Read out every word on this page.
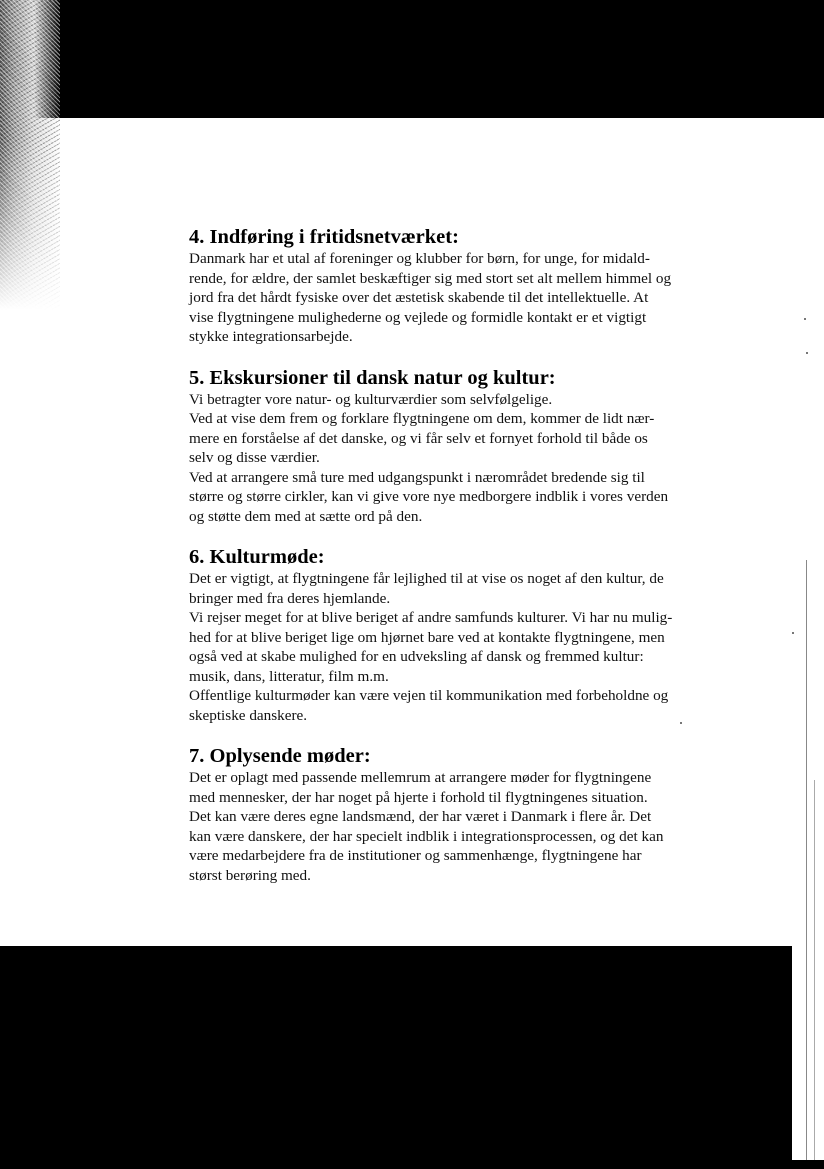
4. Indføring i fritidsnetværket:

Danmark har et utal af foreninger og klubber for børn, for unge, for midald-
rende, for ældre, der samlet beskæftiger sig med stort set alt mellem himmel og
jord fra det hårdt fysiske over det æstetisk skabende til det intellektuelle. At
vise flygtningene mulighederne og vejlede og formidle kontakt er et vigtigt
stykke integrationsarbejde.

5. Ekskursioner til dansk natur og kultur:

Vi betragter vore natur- og kulturværdier som selvfølgelige.
Ved at vise dem frem og forklare flygtningene om dem, kommer de lidt nær-
mere en forståelse af det danske, og vi får selv et fornyet forhold til både os
selv og disse værdier.
Ved at arrangere små ture med udgangspunkt i nærområdet bredende sig til
større og større cirkler, kan vi give vore nye medborgere indblik i vores verden
og støtte dem med at sætte ord på den.

6. Kulturmøde:

Det er vigtigt, at flygtningene får lejlighed til at vise os noget af den kultur, de
bringer med fra deres hjemlande.
Vi rejser meget for at blive beriget af andre samfunds kulturer. Vi har nu mulig-
hed for at blive beriget lige om hjørnet bare ved at kontakte flygtningene, men
også ved at skabe mulighed for en udveksling af dansk og fremmed kultur:
musik, dans, litteratur, film m.m.
Offentlige kulturmøder kan være vejen til kommunikation med forbeholdne og
skeptiske danskere.

7. Oplysende møder:

Det er oplagt med passende mellemrum at arrangere møder for flygtningene
med mennesker, der har noget på hjerte i forhold til flygtningenes situation.
Det kan være deres egne landsmænd, der har været i Danmark i flere år. Det
kan være danskere, der har specielt indblik i integrationsprocessen, og det kan
være medarbejdere fra de institutioner og sammenhænge, flygtningene har
størst berøring med.
